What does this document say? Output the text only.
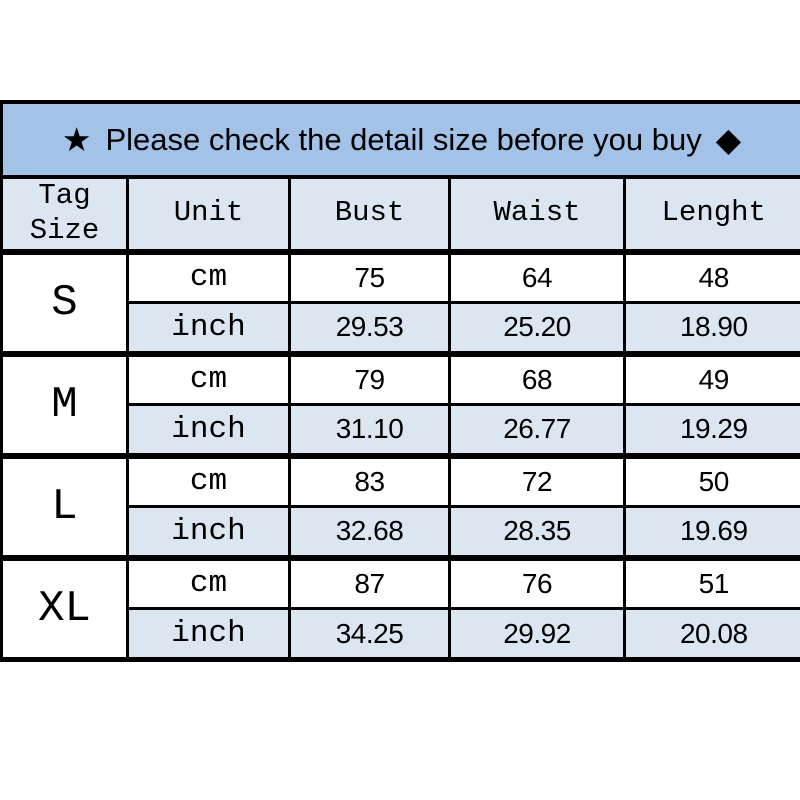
★ Please check the detail size before you buy ◆
Tag Size	Unit	Bust	Waist	Lenght
S	cm	75	64	48
	inch	29.53	25.20	18.90
M	cm	79	68	49
	inch	31.10	26.77	19.29
L	cm	83	72	50
	inch	32.68	28.35	19.69
XL	cm	87	76	51
	inch	34.25	29.92	20.08
